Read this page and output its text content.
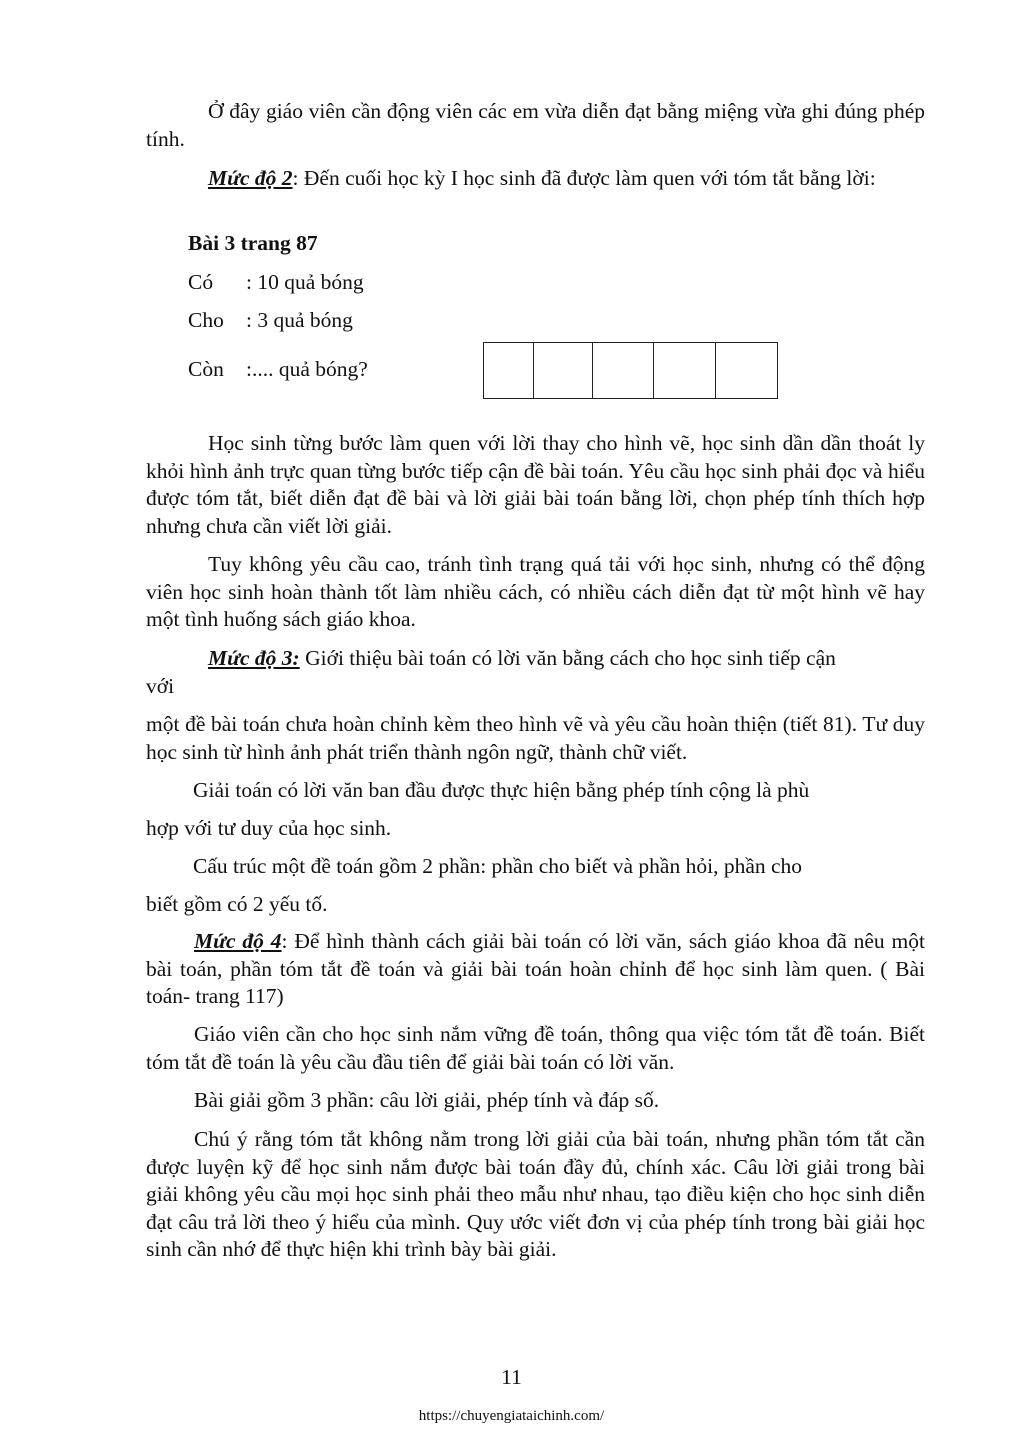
Ở đây giáo viên cần động viên các em vừa diễn đạt bằng miệng vừa ghi đúng phép tính.

Mức độ 2: Đến cuối học kỳ I học sinh đã được làm quen với tóm tắt bằng lời:

Bài 3 trang 87
Có : 10 quả bóng
Cho : 3 quả bóng
Còn :.... quả bóng?

Học sinh từng bước làm quen với lời thay cho hình vẽ, học sinh dần dần thoát ly khỏi hình ảnh trực quan từng bước tiếp cận đề bài toán. Yêu cầu học sinh phải đọc và hiểu được tóm tắt, biết diễn đạt đề bài và lời giải bài toán bằng lời, chọn phép tính thích hợp nhưng chưa cần viết lời giải.

Tuy không yêu cầu cao, tránh tình trạng quá tải với học sinh, nhưng có thể động viên học sinh hoàn thành tốt làm nhiều cách, có nhiều cách diễn đạt từ một hình vẽ hay một tình huống sách giáo khoa.

Mức độ 3: Giới thiệu bài toán có lời văn bằng cách cho học sinh tiếp cận
với

một đề bài toán chưa hoàn chỉnh kèm theo hình vẽ và yêu cầu hoàn thiện (tiết 81). Tư duy học sinh từ hình ảnh phát triển thành ngôn ngữ, thành chữ viết.

Giải toán có lời văn ban đầu được thực hiện bằng phép tính cộng là phù
hợp với tư duy của học sinh.
Cấu trúc một đề toán gồm 2 phần: phần cho biết và phần hỏi, phần cho
biết gồm có 2 yếu tố.

Mức độ 4: Để hình thành cách giải bài toán có lời văn, sách giáo khoa đã nêu một bài toán, phần tóm tắt đề toán và giải bài toán hoàn chỉnh để học sinh làm quen. ( Bài toán- trang 117)

Giáo viên cần cho học sinh nắm vững đề toán, thông qua việc tóm tắt đề toán. Biết tóm tắt đề toán là yêu cầu đầu tiên để giải bài toán có lời văn.

Bài giải gồm 3 phần: câu lời giải, phép tính và đáp số.

Chú ý rằng tóm tắt không nằm trong lời giải của bài toán, nhưng phần tóm tắt cần được luyện kỹ để học sinh nắm được bài toán đầy đủ, chính xác. Câu lời giải trong bài giải không yêu cầu mọi học sinh phải theo mẫu như nhau, tạo điều kiện cho học sinh diễn đạt câu trả lời theo ý hiểu của mình. Quy ước viết đơn vị của phép tính trong bài giải học sinh cần nhớ để thực hiện khi trình bày bài giải.

11
https://chuyengiataichinh.com/
